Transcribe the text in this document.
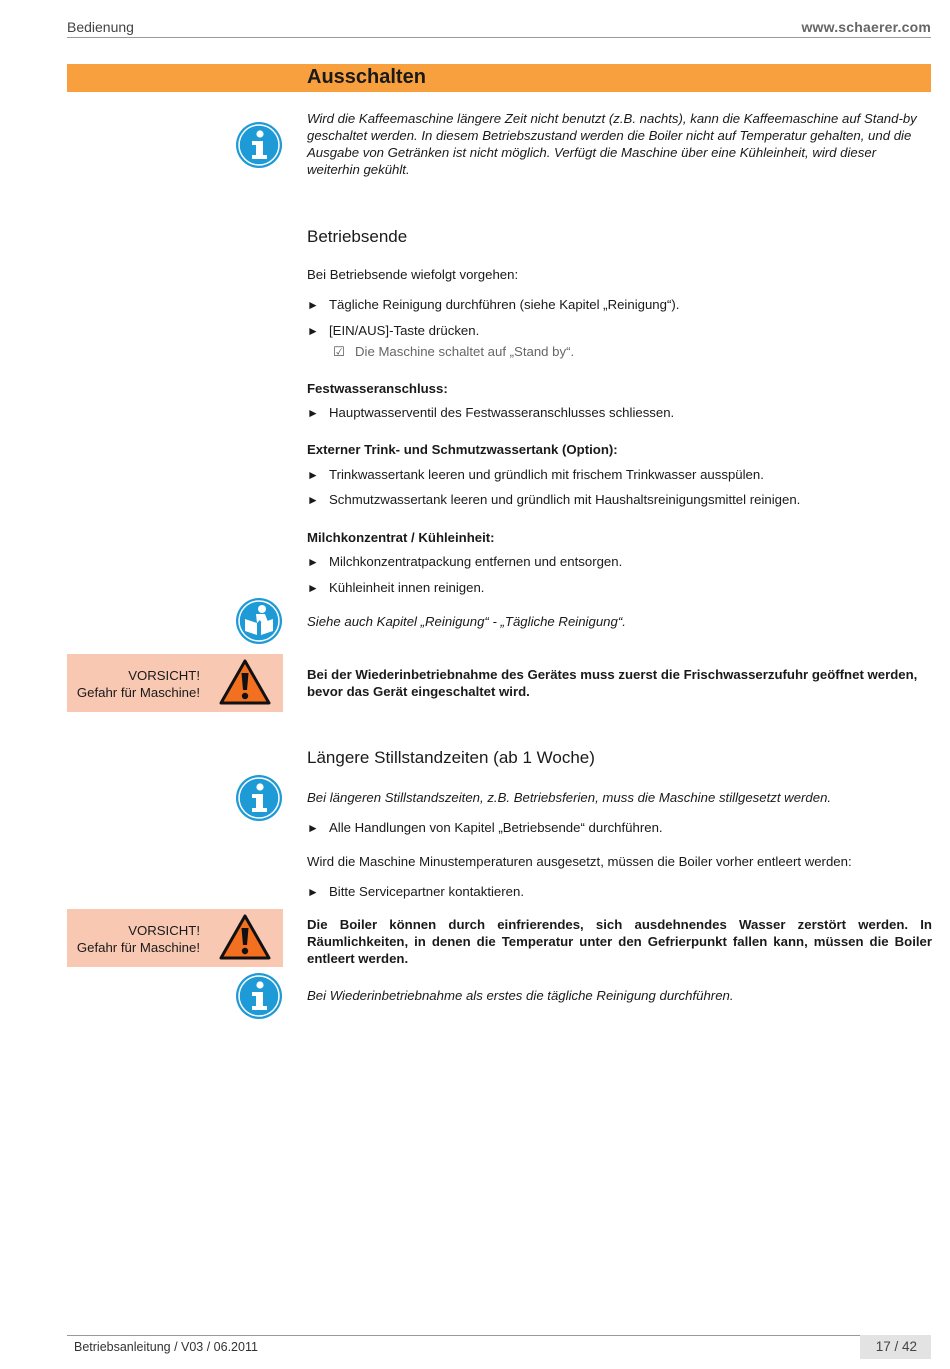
Bedienung	www.schaerer.com
Ausschalten
Wird die Kaffeemaschine längere Zeit nicht benutzt (z.B. nachts), kann die Kaffeemaschine auf Stand-by geschaltet werden. In diesem Betriebszustand werden die Boiler nicht auf Temperatur gehalten, und die Ausgabe von Getränken ist nicht möglich. Verfügt die Maschine über eine Kühleinheit, wird dieser weiterhin gekühlt.
Betriebsende
Bei Betriebsende wiefolgt vorgehen:
► Tägliche Reinigung durchführen (siehe Kapitel „Reinigung“).
► [EIN/AUS]-Taste drücken.
☑ Die Maschine schaltet auf „Stand by“.
Festwasseranschluss:
► Hauptwasserventil des Festwasseranschlusses schliessen.
Externer Trink- und Schmutzwassertank (Option):
► Trinkwassertank leeren und gründlich mit frischem Trinkwasser ausspülen.
► Schmutzwassertank leeren und gründlich mit Haushaltsreinigungsmittel reinigen.
Milchkonzentrat / Kühleinheit:
► Milchkonzentratpackung entfernen und entsorgen.
► Kühleinheit innen reinigen.
Siehe auch Kapitel „Reinigung“ - „Tägliche Reinigung“.
VORSICHT!
Gefahr für Maschine!
Bei der Wiederinbetriebnahme des Gerätes muss zuerst die Frischwasserzufuhr geöffnet werden, bevor das Gerät eingeschaltet wird.
Längere Stillstandzeiten (ab 1 Woche)
Bei längeren Stillstandszeiten, z.B. Betriebsferien, muss die Maschine stillgesetzt werden.
► Alle Handlungen von Kapitel „Betriebsende“ durchführen.
Wird die Maschine Minustemperaturen ausgesetzt, müssen die Boiler vorher entleert werden:
► Bitte Servicepartner kontaktieren.
VORSICHT!
Gefahr für Maschine!
Die Boiler können durch einfrierendes, sich ausdehnendes Wasser zerstört werden. In Räumlichkeiten, in denen die Temperatur unter den Gefrierpunkt fallen kann, müssen die Boiler entleert werden.
Bei Wiederinbetriebnahme als erstes die tägliche Reinigung durchführen.
Betriebsanleitung / V03 / 06.2011	17 / 42
